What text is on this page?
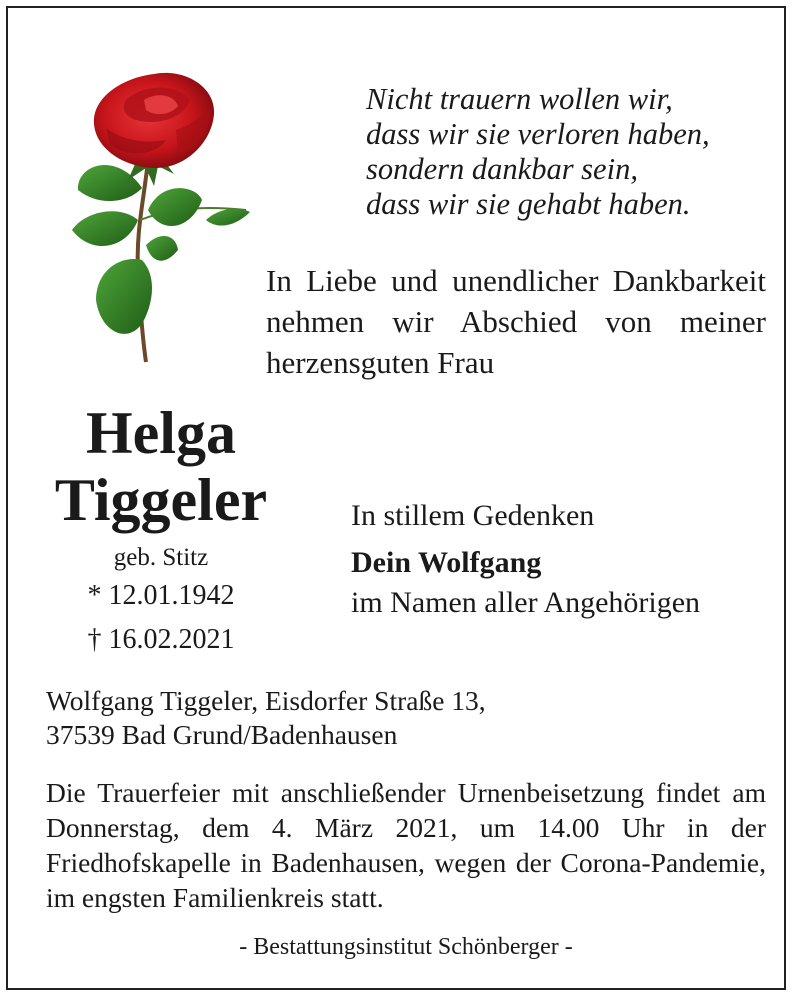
Nicht trauern wollen wir,
dass wir sie verloren haben,
sondern dankbar sein,
dass wir sie gehabt haben.

In Liebe und unendlicher Dankbarkeit nehmen wir Abschied von meiner herzensguten Frau

Helga
Tiggeler
geb. Stitz
* 12.01.1942
† 16.02.2021
In stillem Gedenken
Dein Wolfgang
im Namen aller Angehörigen
Wolfgang Tiggeler, Eisdorfer Straße 13,
37539 Bad Grund/Badenhausen

Die Trauerfeier mit anschließender Urnenbeisetzung findet am Donnerstag, dem 4. März 2021, um 14.00 Uhr in der Friedhofskapelle in Badenhausen, wegen der Corona-Pandemie, im engsten Familienkreis statt.

- Bestattungsinstitut Schönberger -
